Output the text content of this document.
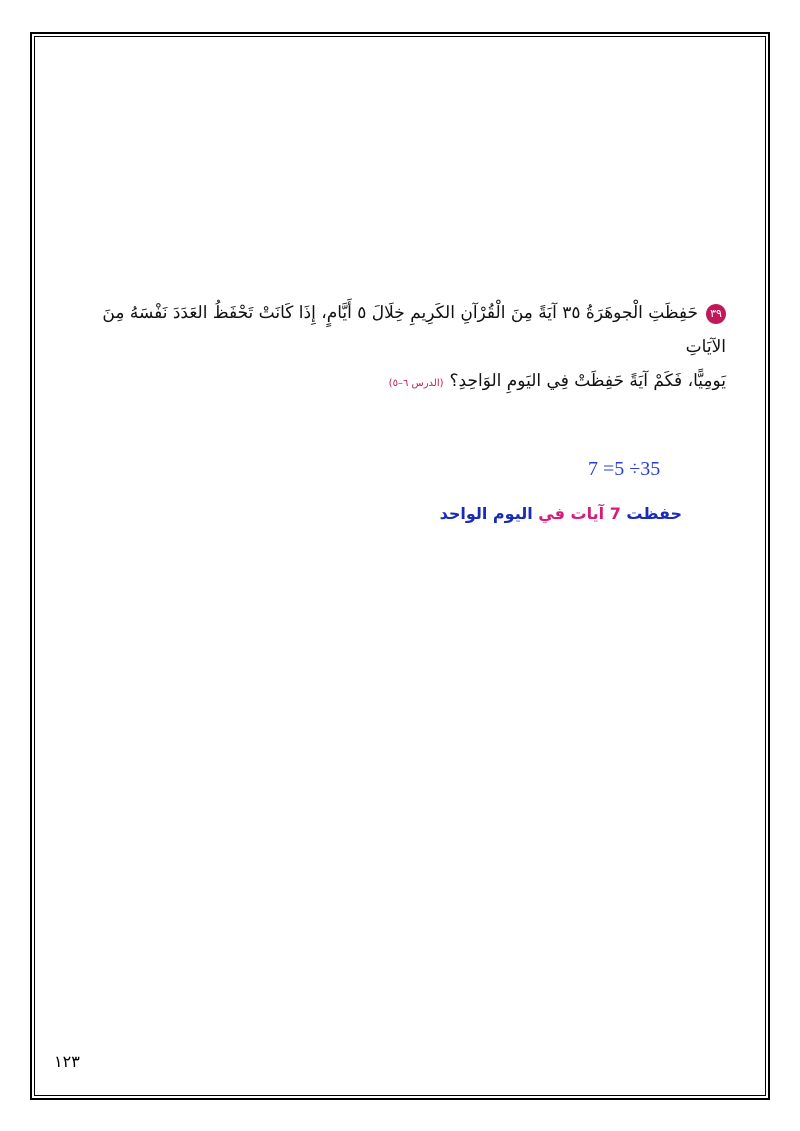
٣٩حَفِظَتِ الْجوهَرَةُ ٣٥ آيَةً مِنَ الْقُرْآنِ الكَرِيمِ خِلَالَ ٥ أَيَّامٍ، إِذَا كَانَتْ تَحْفَظُ العَدَدَ نَفْسَهُ مِنَ الآيَاتِ
يَومِيًّا، فَكَمْ آيَةً حَفِظَتْ فِي اليَومِ الوَاحِدِ؟(الدرس ٦–٥)
7 =5 ÷35
حفظت 7 آيات في اليوم الواحد
١٢٣
